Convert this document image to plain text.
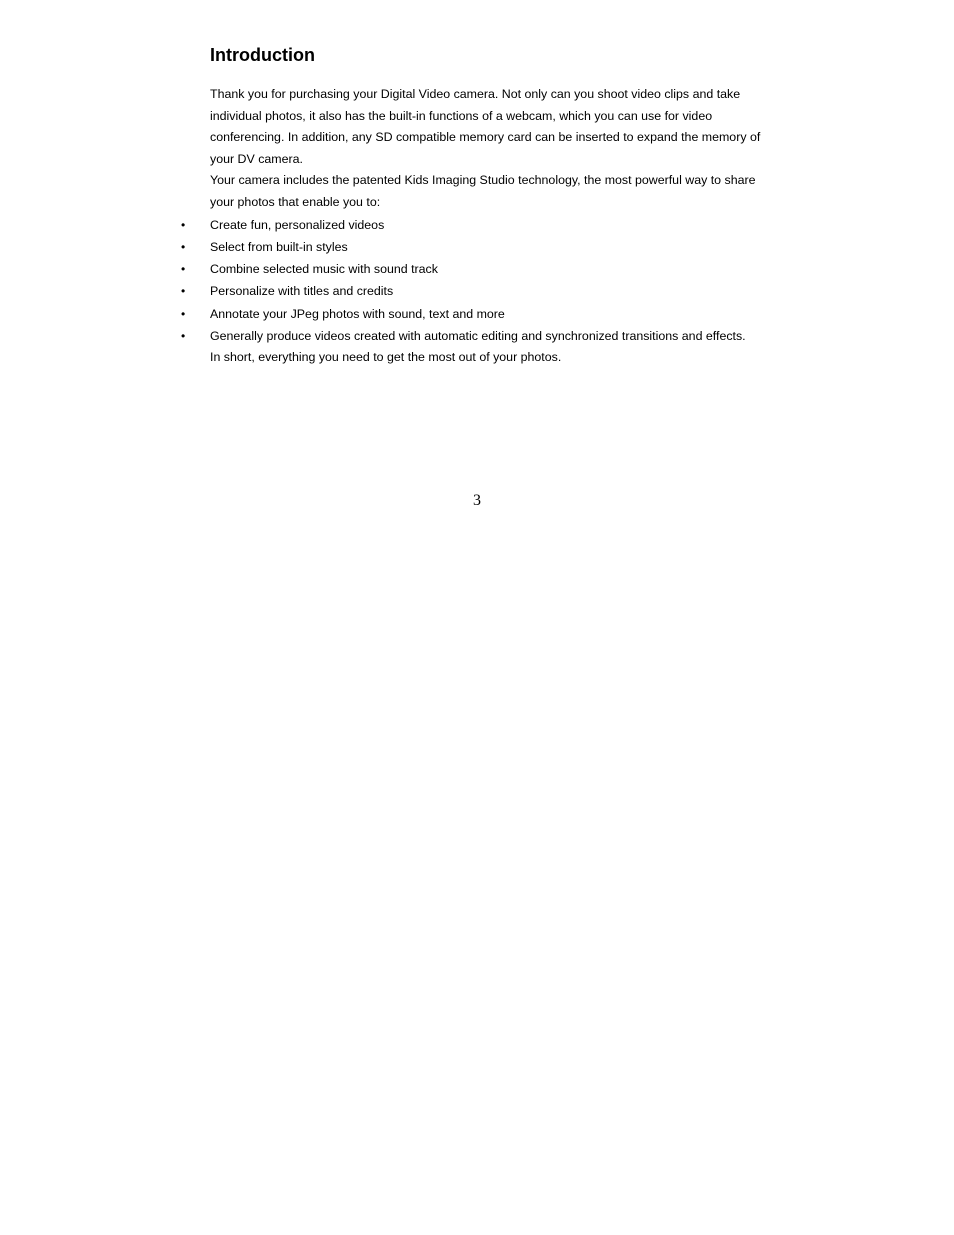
Introduction

Thank you for purchasing your Digital Video camera. Not only can you shoot video clips and take individual photos, it also has the built-in functions of a webcam, which you can use for video conferencing. In addition, any SD compatible memory card can be inserted to expand the memory of your DV camera.

Your camera includes the patented Kids Imaging Studio technology, the most powerful way to share your photos that enable you to:

• Create fun, personalized videos
• Select from built-in styles
• Combine selected music with sound track
• Personalize with titles and credits
• Annotate your JPeg photos with sound, text and more
• Generally produce videos created with automatic editing and synchronized transitions and effects.

In short, everything you need to get the most out of your photos.

3
